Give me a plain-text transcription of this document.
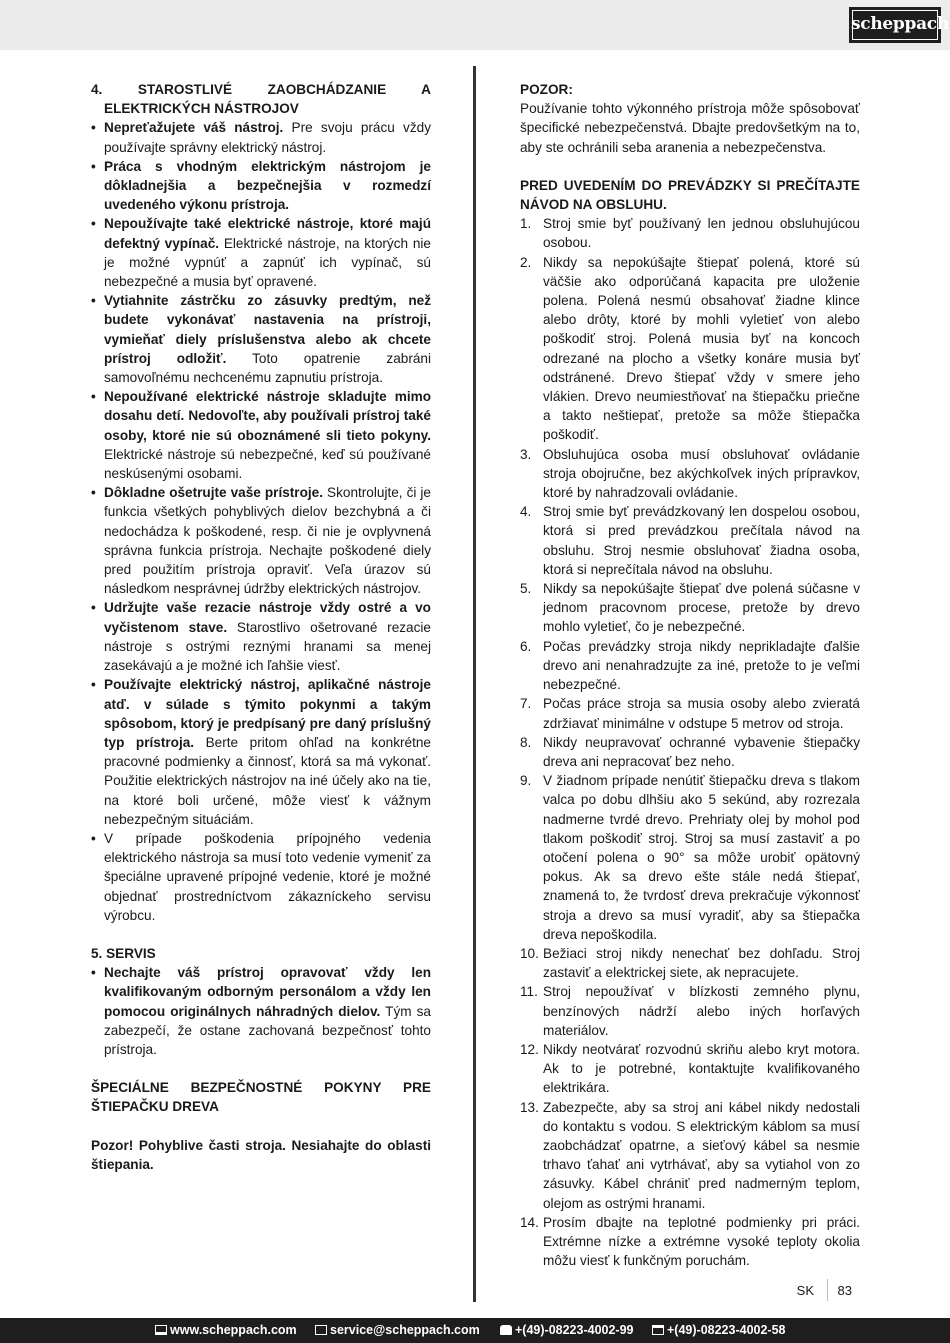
scheppach
4. STAROSTLIVÉ ZAOBCHÁDZANIE A ELEKTRICKÝCH NÁSTROJOV
• Nepreťažujete váš nástroj. Pre svoju prácu vždy používajte správny elektrický nástroj.
• Práca s vhodným elektrickým nástrojom je dôkladnejšia a bezpečnejšia v rozmedzí uvedeného výkonu prístroja.
• Nepoužívajte také elektrické nástroje, ktoré majú defektný vypínač. Elektrické nástroje, na ktorých nie je možné vypnúť a zapnúť ich vypínač, sú nebezpečné a musia byť opravené.
• Vytiahnite zástrčku zo zásuvky predtým, než budete vykonávať nastavenia na prístroji, vymieňať diely príslušenstva alebo ak chcete prístroj odložiť. Toto opatrenie zabráni samovoľnému nechcenému zapnutiu prístroja.
• Nepoužívané elektrické nástroje skladujte mimo dosahu detí. Nedovoľte, aby používali prístroj také osoby, ktoré nie sú oboznámené sli tieto pokyny. Elektrické nástroje sú nebezpečné, keď sú používané neskúsenými osobami.
• Dôkladne ošetrujte vaše prístroje. Skontrolujte, či je funkcia všetkých pohyblivých dielov bezchybná a či nedochádza k poškodené, resp. či nie je ovplyvnená správna funkcia prístroja. Nechajte poškodené diely pred použitím prístroja opraviť. Veľa úrazov sú následkom nesprávnej údržby elektrických nástrojov.
• Udržujte vaše rezacie nástroje vždy ostré a vo vyčistenom stave. Starostlivo ošetrované rezacie nástroje s ostrými reznými hranami sa menej zasekávajú a je možné ich ľahšie viesť.
• Používajte elektrický nástroj, aplikačné nástroje atď. v súlade s týmito pokynmi a takým spôsobom, ktorý je predpísaný pre daný príslušný typ prístroja. Berte pritom ohľad na konkrétne pracovné podmienky a činnosť, ktorá sa má vykonať. Použitie elektrických nástrojov na iné účely ako na tie, na ktoré boli určené, môže viesť k vážnym nebezpečným situáciám.
• V prípade poškodenia prípojného vedenia elektrického nástroja sa musí toto vedenie vymeniť za špeciálne upravené prípojné vedenie, ktoré je možné objednať prostredníctvom zákazníckeho servisu výrobcu.
5. SERVIS
• Nechajte váš prístroj opravovať vždy len kvalifikovaným odborným personálom a vždy len pomocou originálnych náhradných dielov. Tým sa zabezpečí, že ostane zachovaná bezpečnosť tohto prístroja.
ŠPECIÁLNE BEZPEČNOSTNÉ POKYNY PRE ŠTIEPAČKU DREVA
Pozor! Pohyblive časti stroja. Nesiahajte do oblasti štiepania.
POZOR:
Používanie tohto výkonného prístroja môže spôsobovať špecifické nebezpečenstvá. Dbajte predovšetkým na to, aby ste ochránili seba aranenia a nebezpečenstva.
PRED UVEDENÍM DO PREVÁDZKY SI PREČÍTAJTE NÁVOD NA OBSLUHU.
1. Stroj smie byť používaný len jednou obsluhujúcou osobou.
2. Nikdy sa nepokúšajte štiepať polená, ktoré sú väčšie ako odporúčaná kapacita pre uloženie polena. Polená nesmú obsahovať žiadne klince alebo drôty, ktoré by mohli vyletieť von alebo poškodiť stroj. Polená musia byť na koncoch odrezané na plocho a všetky konáre musia byť odstránené. Drevo štiepať vždy v smere jeho vlákien. Drevo neumiestňovať na štiepačku priečne a takto neštiepať, pretože sa môže štiepačka poškodiť.
3. Obsluhujúca osoba musí obsluhovať ovládanie stroja obojručne, bez akýchkoľvek iných prípravkov, ktoré by nahradzovali ovládanie.
4. Stroj smie byť prevádzkovaný len dospelou osobou, ktorá si pred prevádzkou prečítala návod na obsluhu. Stroj nesmie obsluhovať žiadna osoba, ktorá si neprečítala návod na obsluhu.
5. Nikdy sa nepokúšajte štiepať dve polená súčasne v jednom pracovnom procese, pretože by drevo mohlo vyletieť, čo je nebezpečné.
6. Počas prevádzky stroja nikdy neprikladajte ďalšie drevo ani nenahradzujte za iné, pretože to je veľmi nebezpečné.
7. Počas práce stroja sa musia osoby alebo zvieratá zdržiavať minimálne v odstupe 5 metrov od stroja.
8. Nikdy neupravovať ochranné vybavenie štiepačky dreva ani nepracovať bez neho.
9. V žiadnom prípade nenútiť štiepačku dreva s tlakom valca po dobu dlhšiu ako 5 sekúnd, aby rozrezala nadmerne tvrdé drevo. Prehriaty olej by mohol pod tlakom poškodiť stroj. Stroj sa musí zastaviť a po otočení polena o 90° sa môže urobiť opätovný pokus. Ak sa drevo ešte stále nedá štiepať, znamená to, že tvrdosť dreva prekračuje výkonnosť stroja a drevo sa musí vyradiť, aby sa štiepačka dreva nepoškodila.
10. Bežiaci stroj nikdy nenechať bez dohľadu. Stroj zastaviť a elektrickej siete, ak nepracujete.
11. Stroj nepoužívať v blízkosti zemného plynu, benzínových nádrží alebo iných horľavých materiálov.
12. Nikdy neotvárať rozvodnú skriňu alebo kryt motora. Ak to je potrebné, kontaktujte kvalifikovaného elektrikára.
13. Zabezpečte, aby sa stroj ani kábel nikdy nedostali do kontaktu s vodou. S elektrickým káblom sa musí zaobchádzať opatrne, a sieťový kábel sa nesmie trhavo ťahať ani vytrhávať, aby sa vytiahol von zo zásuvky. Kábel chrániť pred nadmerným teplom, olejom as ostrými hranami.
14. Prosím dbajte na teplotné podmienky pri práci. Extrémne nízke a extrémne vysoké teploty okolia môžu viesť k funkčným poruchám.
SK 83
www.scheppach.com	service@scheppach.com	+(49)-08223-4002-99	+(49)-08223-4002-58
